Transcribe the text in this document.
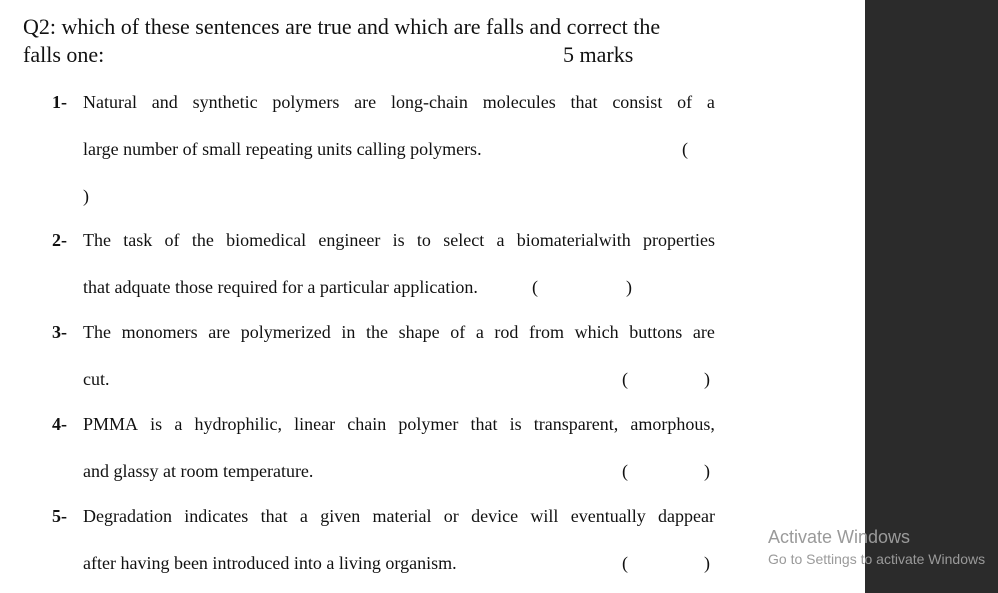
Q2: which of these sentences are true and which are falls and correct the
falls one:	5 marks
1- Natural and synthetic polymers are long-chain molecules that consist of a
large number of small repeating units calling polymers.	(
)
2- The task of the biomedical engineer is to select a biomaterialwith properties
that adquate those required for a particular application.	(	)
3- The monomers are polymerized in the shape of a rod from which buttons are
cut.	(	)
4- PMMA is a hydrophilic, linear chain polymer that is transparent, amorphous,
and glassy at room temperature.	(	)
5- Degradation indicates that a given material or device will eventually dappear
after having been introduced into a living organism.	(	)
Activate Windows
Go to Settings to activate Windows
